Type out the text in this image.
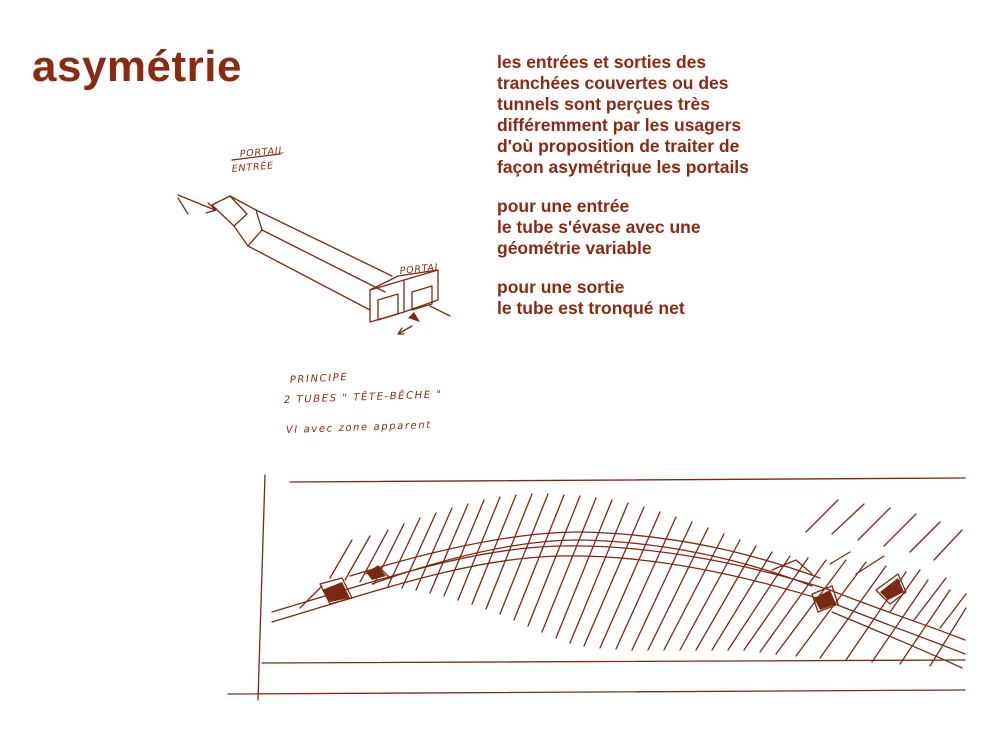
asymétrie	les entrées et sorties des
tranchées couvertes ou des
tunnels sont perçues très
différemment par les usagers
d'où proposition de traiter de
façon asymétrique les portails

pour une entrée
le tube s'évase avec une
géométrie variable

pour une sortie
le tube est tronqué net

PORTAIL
ENTRÉE
PORTAI
PRINCIPE
2 TUBES " TÊTE-BÊCHE "
VI avec zone apparent
